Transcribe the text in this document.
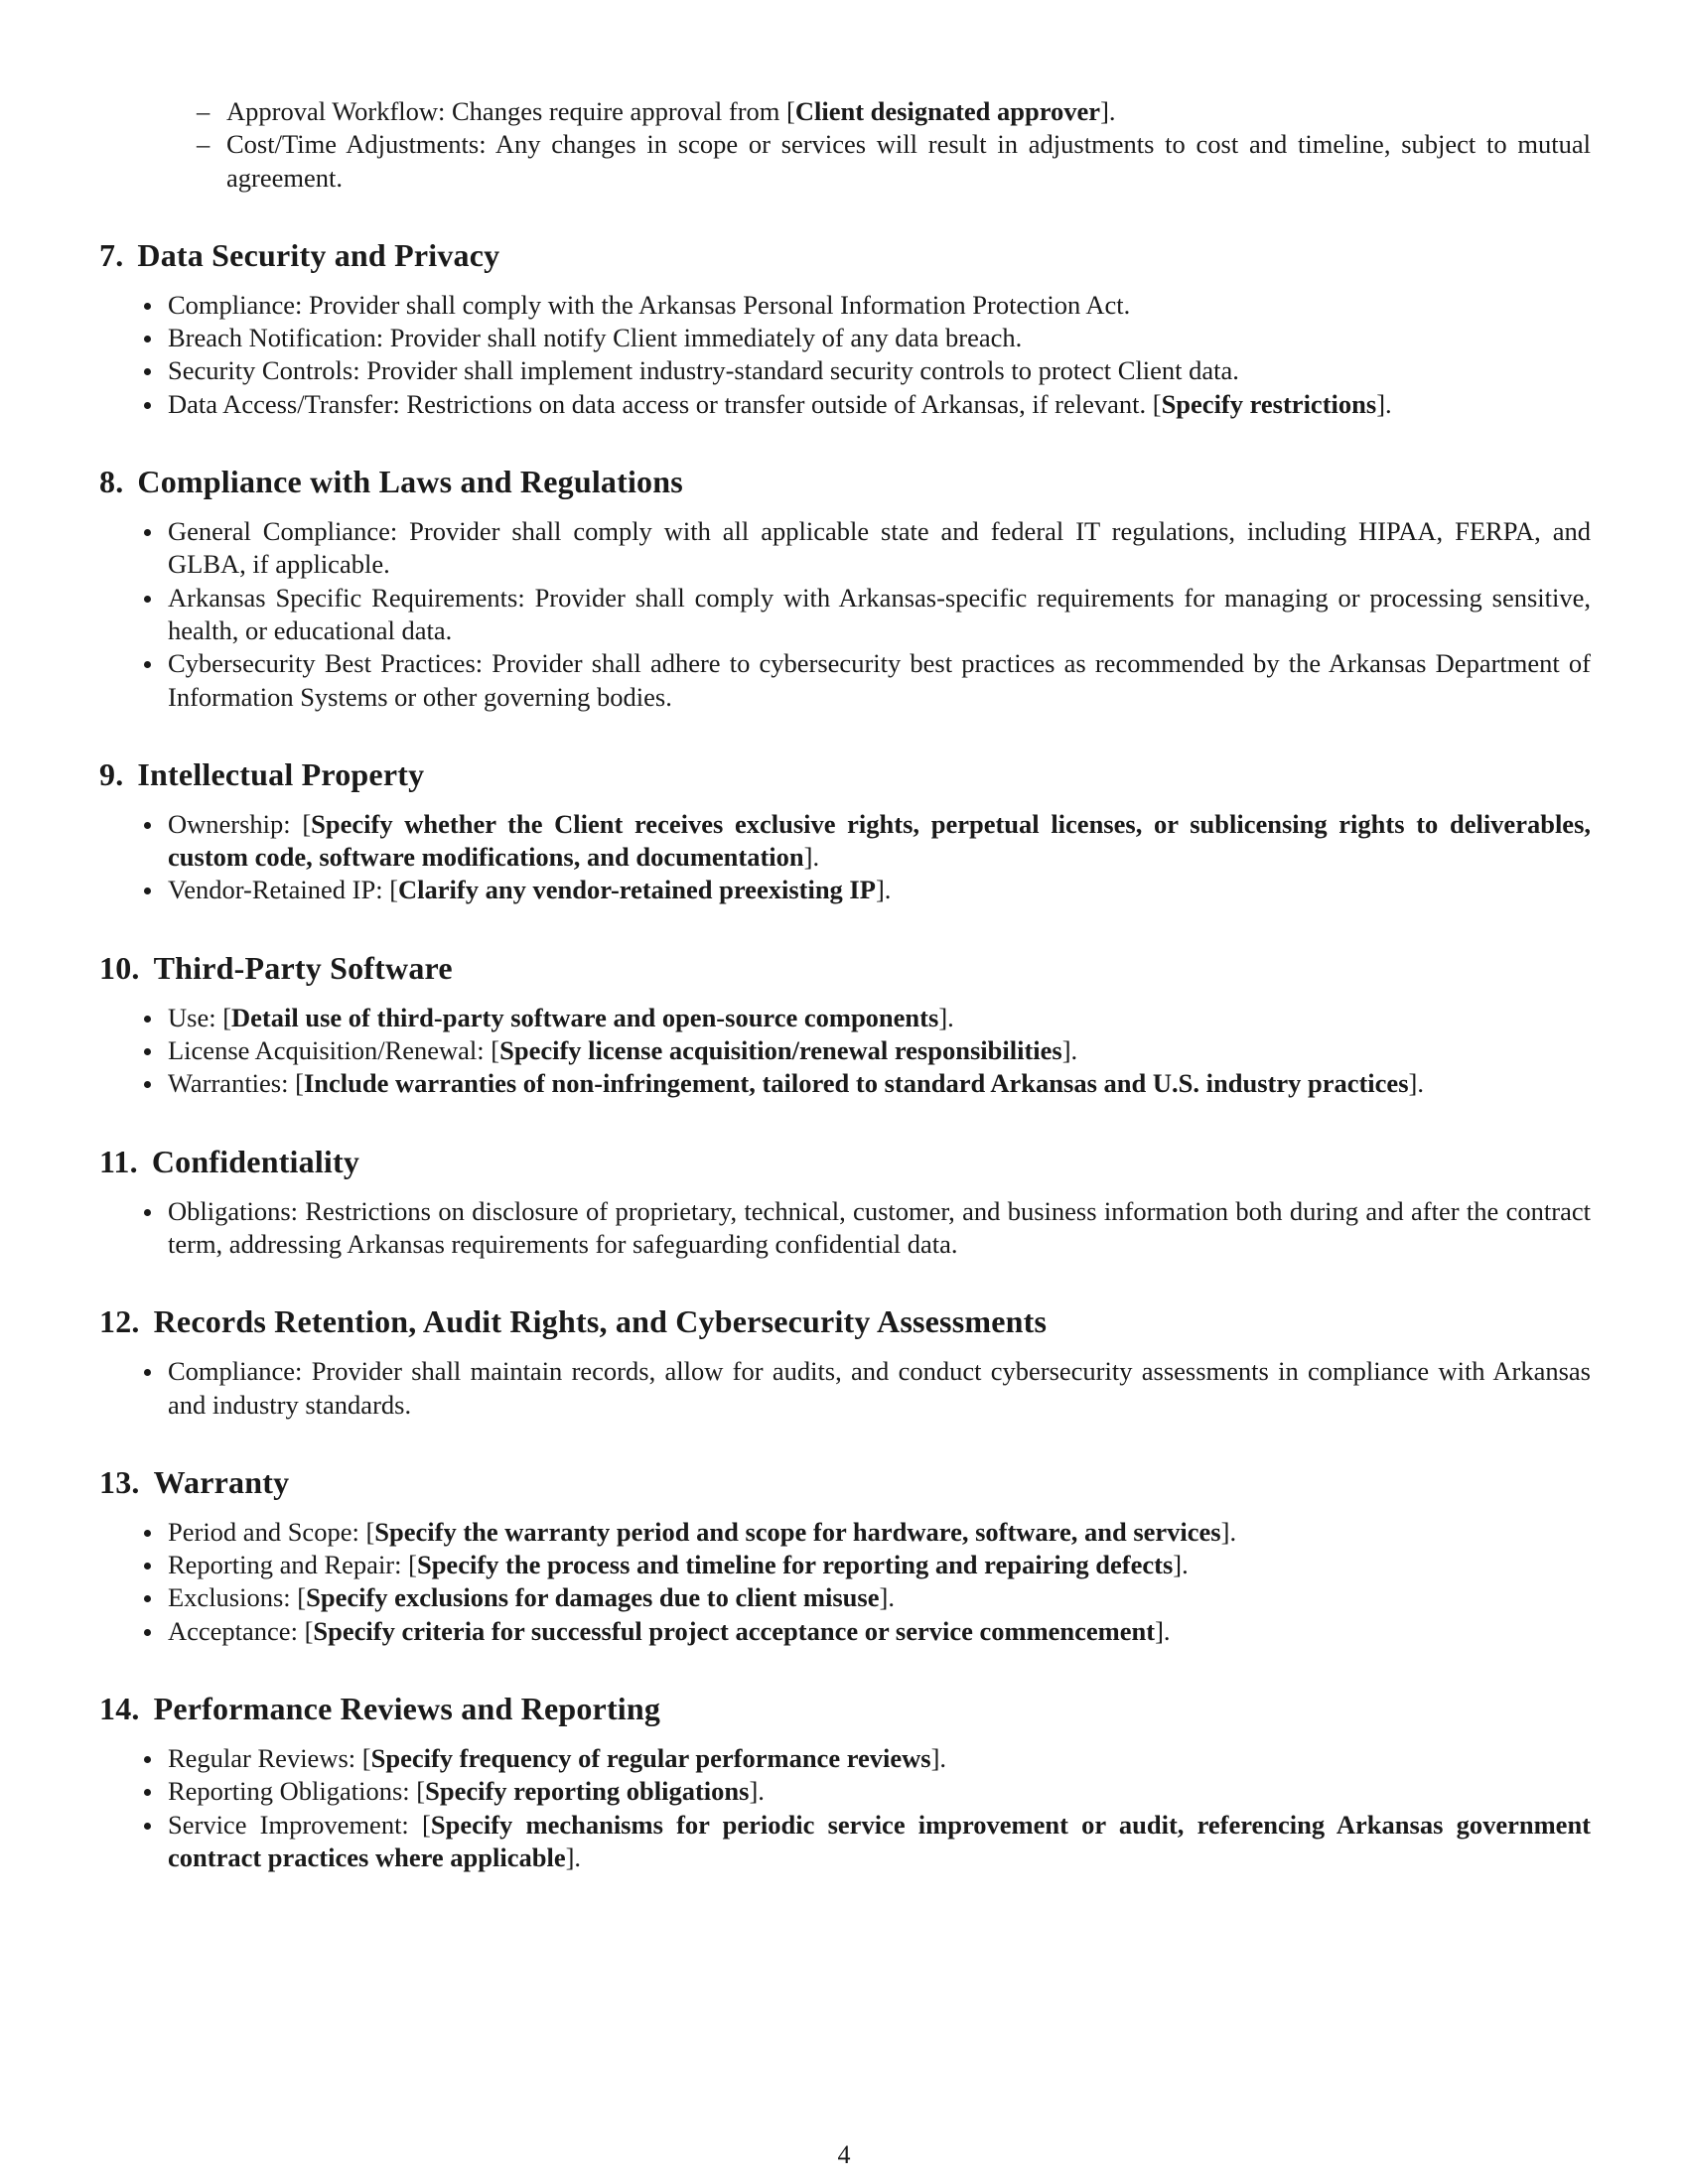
– Approval Workflow: Changes require approval from [Client designated approver].
– Cost/Time Adjustments: Any changes in scope or services will result in adjustments to cost and timeline, subject to mutual agreement.
7. Data Security and Privacy
Compliance: Provider shall comply with the Arkansas Personal Information Protection Act.
Breach Notification: Provider shall notify Client immediately of any data breach.
Security Controls: Provider shall implement industry-standard security controls to protect Client data.
Data Access/Transfer: Restrictions on data access or transfer outside of Arkansas, if relevant. [Specify restrictions].
8. Compliance with Laws and Regulations
General Compliance: Provider shall comply with all applicable state and federal IT regulations, including HIPAA, FERPA, and GLBA, if applicable.
Arkansas Specific Requirements: Provider shall comply with Arkansas-specific requirements for managing or processing sensitive, health, or educational data.
Cybersecurity Best Practices: Provider shall adhere to cybersecurity best practices as recommended by the Arkansas Department of Information Systems or other governing bodies.
9. Intellectual Property
Ownership: [Specify whether the Client receives exclusive rights, perpetual licenses, or sublicensing rights to deliverables, custom code, software modifications, and documentation].
Vendor-Retained IP: [Clarify any vendor-retained preexisting IP].
10. Third-Party Software
Use: [Detail use of third-party software and open-source components].
License Acquisition/Renewal: [Specify license acquisition/renewal responsibilities].
Warranties: [Include warranties of non-infringement, tailored to standard Arkansas and U.S. industry practices].
11. Confidentiality
Obligations: Restrictions on disclosure of proprietary, technical, customer, and business information both during and after the contract term, addressing Arkansas requirements for safeguarding confidential data.
12. Records Retention, Audit Rights, and Cybersecurity Assessments
Compliance: Provider shall maintain records, allow for audits, and conduct cybersecurity assessments in compliance with Arkansas and industry standards.
13. Warranty
Period and Scope: [Specify the warranty period and scope for hardware, software, and services].
Reporting and Repair: [Specify the process and timeline for reporting and repairing defects].
Exclusions: [Specify exclusions for damages due to client misuse].
Acceptance: [Specify criteria for successful project acceptance or service commencement].
14. Performance Reviews and Reporting
Regular Reviews: [Specify frequency of regular performance reviews].
Reporting Obligations: [Specify reporting obligations].
Service Improvement: [Specify mechanisms for periodic service improvement or audit, referencing Arkansas government contract practices where applicable].
4
